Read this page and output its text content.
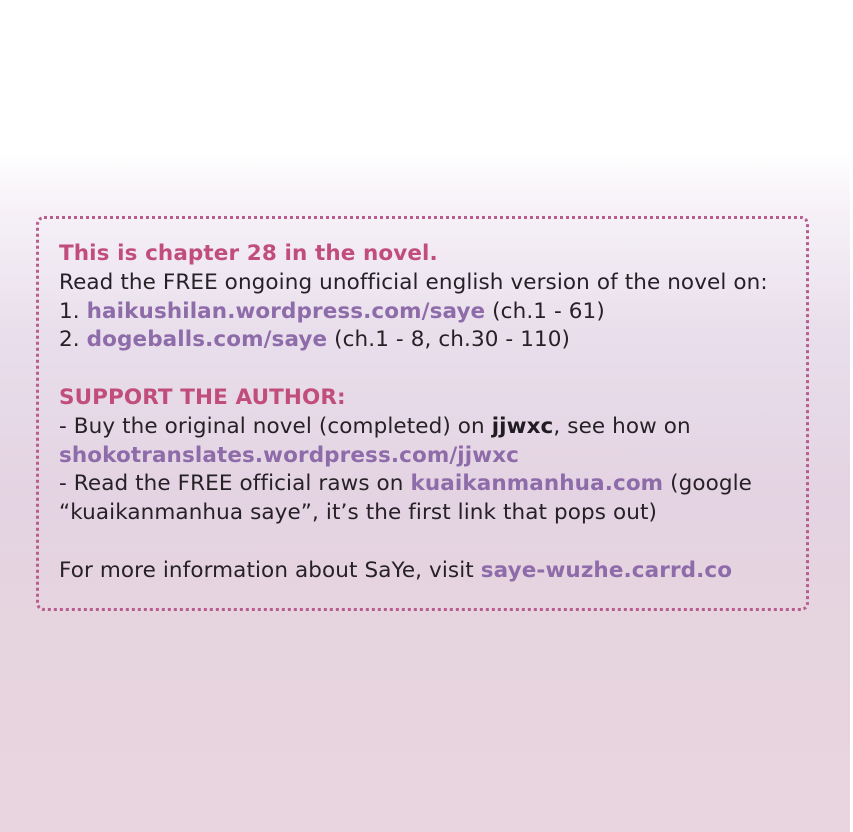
This is chapter 28 in the novel.
Read the FREE ongoing unofficial english version of the novel on:
1. haikushilan.wordpress.com/saye (ch.1 - 61)
2. dogeballs.com/saye (ch.1 - 8, ch.30 - 110)
SUPPORT THE AUTHOR:
- Buy the original novel (completed) on jjwxc, see how on
shokotranslates.wordpress.com/jjwxc
- Read the FREE official raws on kuaikanmanhua.com (google
“kuaikanmanhua saye”, it’s the first link that pops out)
For more information about SaYe, visit saye-wuzhe.carrd.co
